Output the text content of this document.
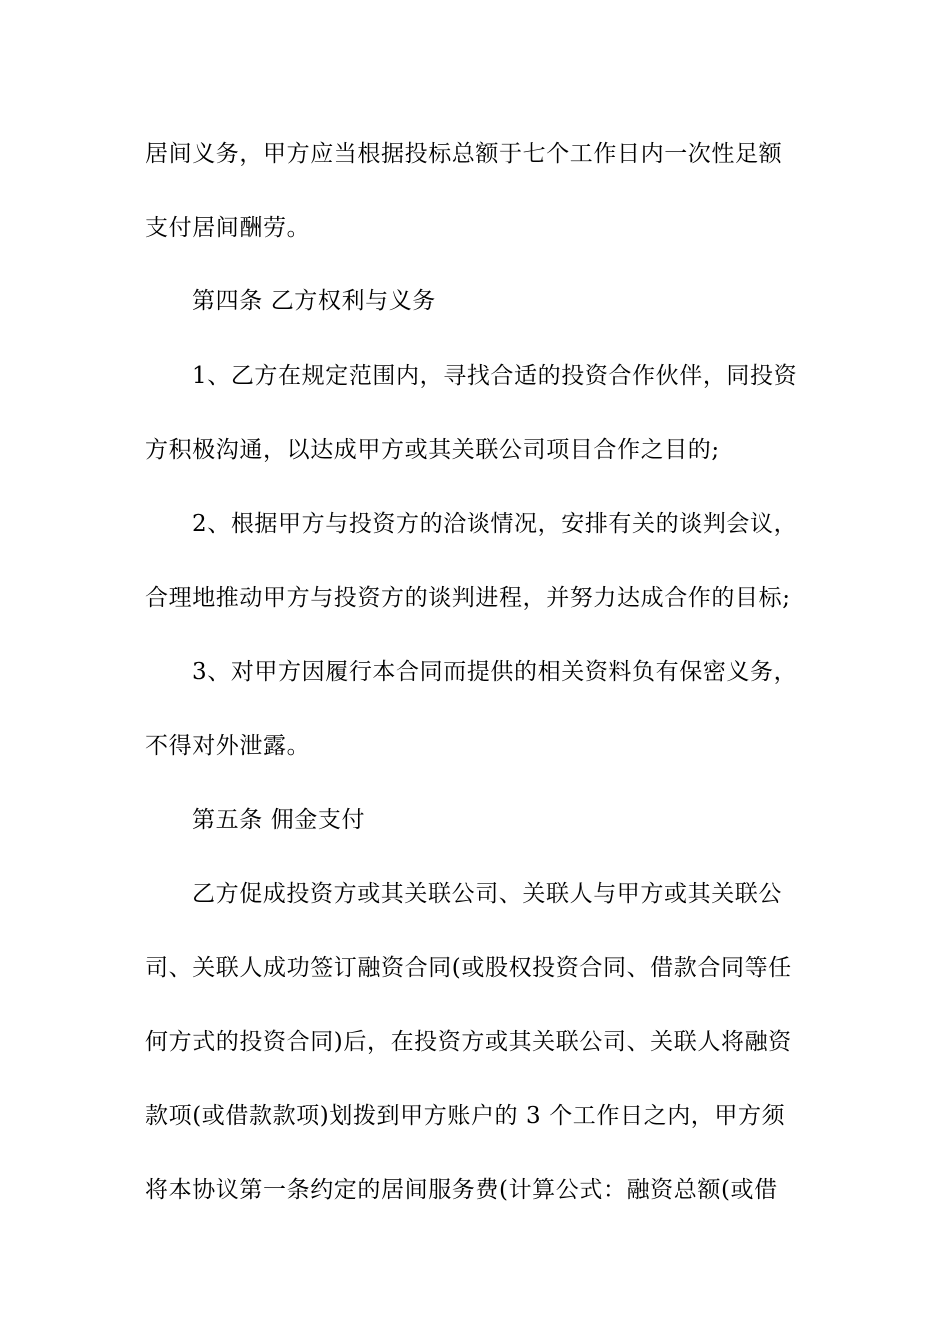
居间义务，甲方应当根据投标总额于七个工作日内一次性足额
支付居间酬劳。
第四条 乙方权利与义务
1、乙方在规定范围内，寻找合适的投资合作伙伴，同投资
方积极沟通，以达成甲方或其关联公司项目合作之目的;
2、根据甲方与投资方的洽谈情况，安排有关的谈判会议，
合理地推动甲方与投资方的谈判进程，并努力达成合作的目标;
3、对甲方因履行本合同而提供的相关资料负有保密义务，
不得对外泄露。
第五条 佣金支付
乙方促成投资方或其关联公司、关联人与甲方或其关联公
司、关联人成功签订融资合同(或股权投资合同、借款合同等任
何方式的投资合同)后，在投资方或其关联公司、关联人将融资
款项(或借款款项)划拨到甲方账户的 3 个工作日之内，甲方须
将本协议第一条约定的居间服务费(计算公式：融资总额(或借
